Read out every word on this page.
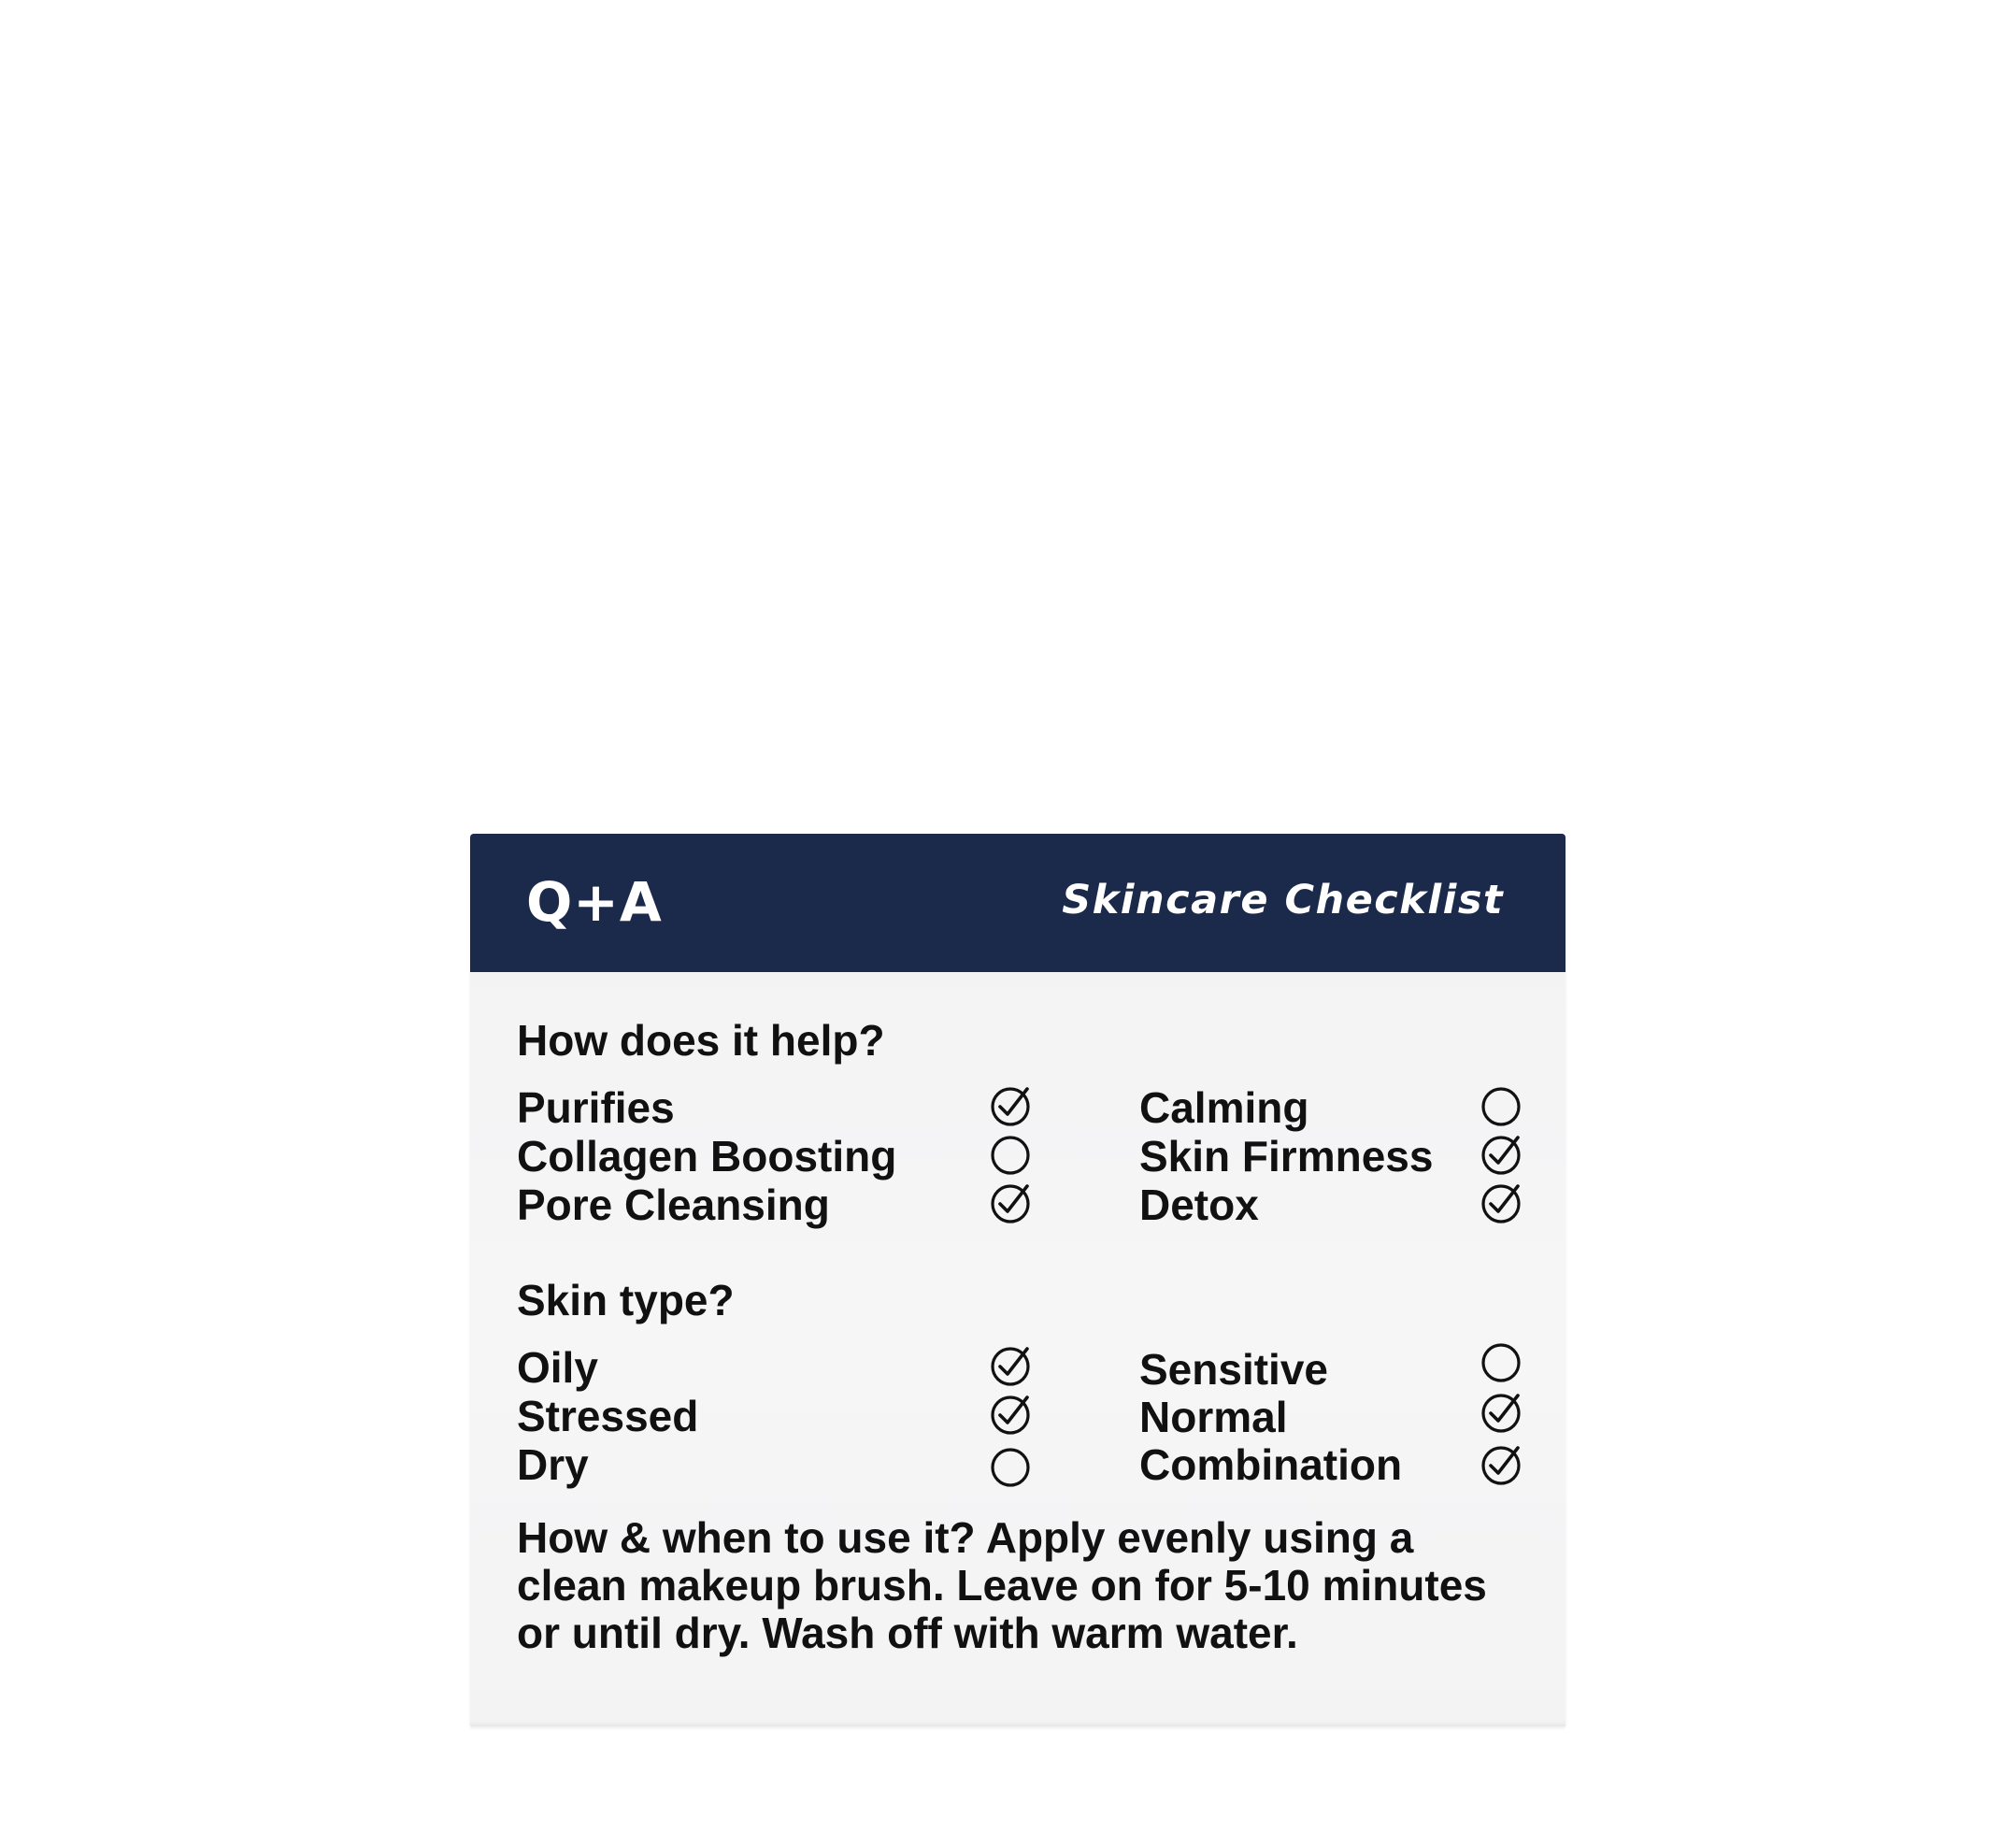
Q+A	Skincare Checklist
How does it help?
Purifies
Collagen Boosting
Pore Cleansing
Calming
Skin Firmness
Detox
Skin type?
Oily
Stressed
Dry
Sensitive
Normal
Combination
How & when to use it? Apply evenly using a clean makeup brush. Leave on for 5-10 minutes or until dry. Wash off with warm water.
